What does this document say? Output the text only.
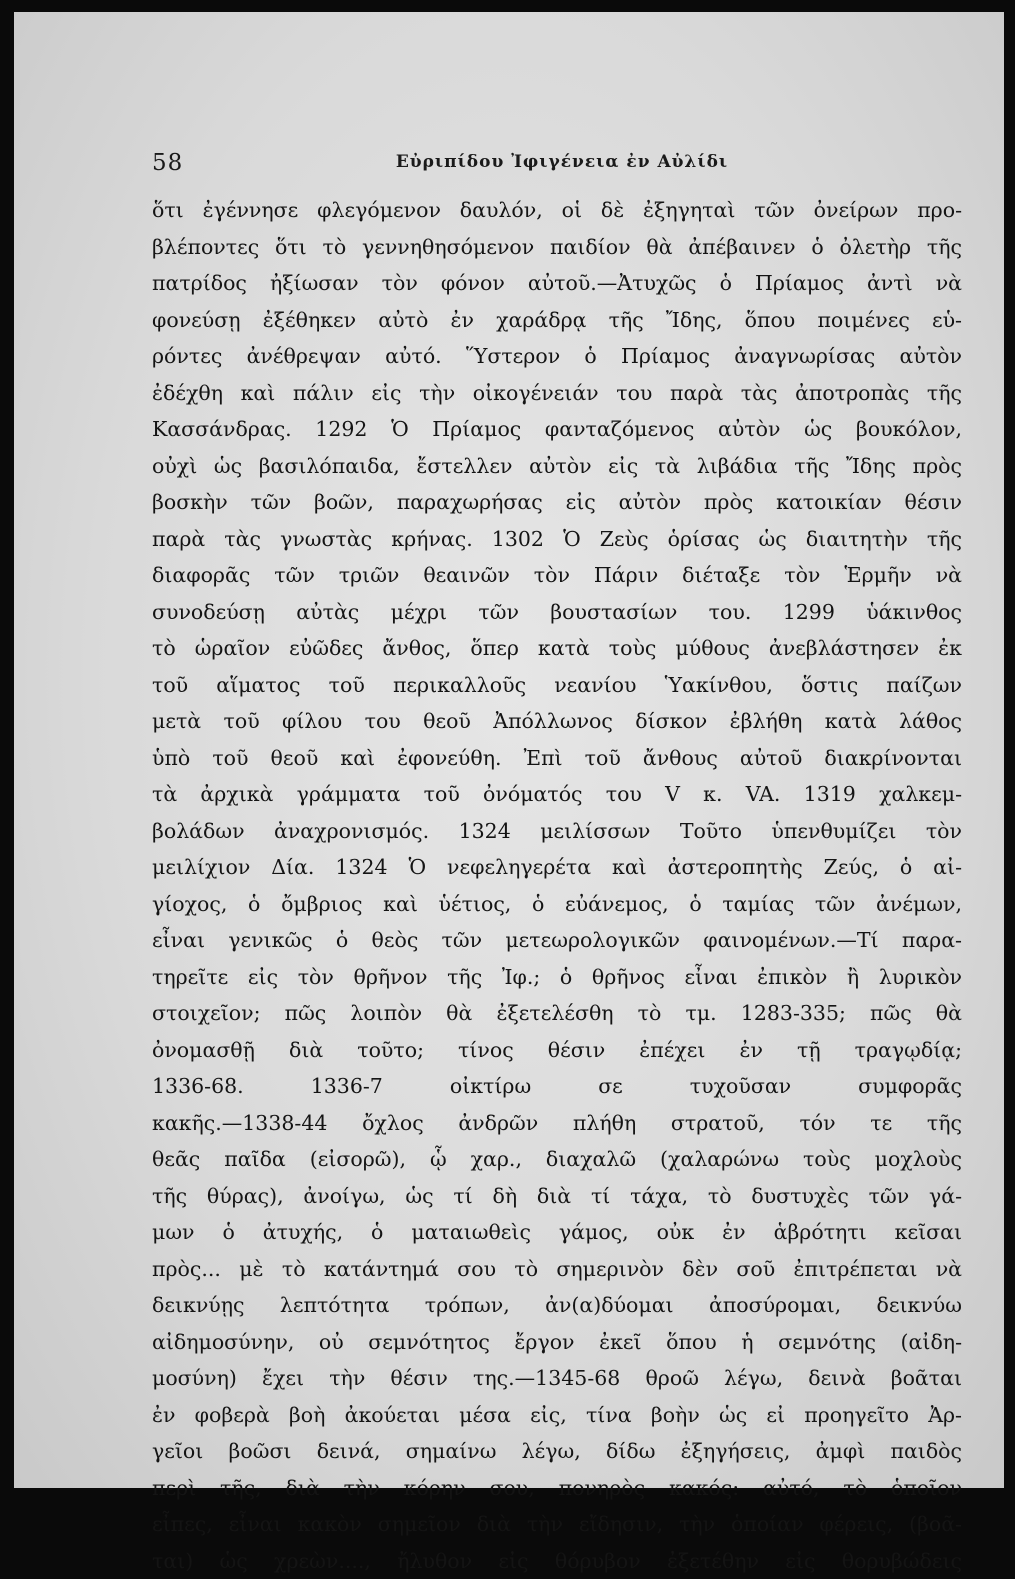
58	Εὐριπίδου Ἰφιγένεια ἐν Αὐλίδι
ὅτι ἐγέννησε φλεγόμενον δαυλόν, οἱ δὲ ἐξηγηταὶ τῶν ὀνείρων προ-
βλέποντες ὅτι τὸ γεννηθησόμενον παιδίον θὰ ἀπέβαινεν ὁ ὀλετὴρ τῆς
πατρίδος ἠξίωσαν τὸν φόνον αὐτοῦ.—Ἀτυχῶς ὁ Πρίαμος ἀντὶ νὰ
φονεύσῃ ἐξέθηκεν αὐτὸ ἐν χαράδρᾳ τῆς Ἴδης, ὅπου ποιμένες εὑ-
ρόντες ἀνέθρεψαν αὐτό. Ὕστερον ὁ Πρίαμος ἀναγνωρίσας αὐτὸν
ἐδέχθη καὶ πάλιν εἰς τὴν οἰκογένειάν του παρὰ τὰς ἀποτροπὰς τῆς
Κασσάνδρας. 1292 Ὁ Πρίαμος φανταζόμενος αὐτὸν ὡς βουκόλον,
οὐχὶ ὡς βασιλόπαιδα, ἔστελλεν αὐτὸν εἰς τὰ λιβάδια τῆς Ἴδης πρὸς
βοσκὴν τῶν βοῶν, παραχωρήσας εἰς αὐτὸν πρὸς κατοικίαν θέσιν
παρὰ τὰς γνωστὰς κρήνας. 1302 Ὁ Ζεὺς ὁρίσας ὡς διαιτητὴν τῆς
διαφορᾶς τῶν τριῶν θεαινῶν τὸν Πάριν διέταξε τὸν Ἑρμῆν νὰ
συνοδεύσῃ αὐτὰς μέχρι τῶν βουστασίων του. 1299 ὑάκινθος
τὸ ὡραῖον εὐῶδες ἄνθος, ὅπερ κατὰ τοὺς μύθους ἀνεβλάστησεν ἐκ
τοῦ αἵματος τοῦ περικαλλοῦς νεανίου Ὑακίνθου, ὅστις παίζων
μετὰ τοῦ φίλου του θεοῦ Ἀπόλλωνος δίσκον ἐβλήθη κατὰ λάθος
ὑπὸ τοῦ θεοῦ καὶ ἐφονεύθη. Ἐπὶ τοῦ ἄνθους αὐτοῦ διακρίνονται
τὰ ἀρχικὰ γράμματα τοῦ ὀνόματός του V κ. VA. 1319 χαλκεμ-
βολάδων ἀναχρονισμός. 1324 μειλίσσων Τοῦτο ὑπενθυμίζει τὸν
μειλίχιον Δία. 1324 Ὁ νεφεληγερέτα καὶ ἀστεροπητὴς Ζεύς, ὁ αἰ-
γίοχος, ὁ ὄμβριος καὶ ὑέτιος, ὁ εὐάνεμος, ὁ ταμίας τῶν ἀνέμων,
εἶναι γενικῶς ὁ θεὸς τῶν μετεωρολογικῶν φαινομένων.—Τί παρα-
τηρεῖτε εἰς τὸν θρῆνον τῆς Ἰφ.; ὁ θρῆνος εἶναι ἐπικὸν ἢ λυρικὸν
στοιχεῖον; πῶς λοιπὸν θὰ ἐξετελέσθη τὸ τμ. 1283-335; πῶς θὰ
ὀνομασθῇ διὰ τοῦτο; τίνος θέσιν ἐπέχει ἐν τῇ τραγῳδίᾳ;
1336-68. 1336-7 οἰκτίρω σε τυχοῦσαν συμφορᾶς
κακῆς.—1338-44 ὄχλος ἀνδρῶν πλήθη στρατοῦ, τόν τε τῆς
θεᾶς παῖδα (εἰσορῶ), ᾧ χαρ., διαχαλῶ (χαλαρώνω τοὺς μοχλοὺς
τῆς θύρας), ἀνοίγω, ὡς τί δὴ διὰ τί τάχα, τὸ δυστυχὲς τῶν γά-
μων ὁ ἀτυχής, ὁ ματαιωθεὶς γάμος, οὐκ ἐν ἁβρότητι κεῖσαι
πρὸς... μὲ τὸ κατάντημά σου τὸ σημερινὸν δὲν σοῦ ἐπιτρέπεται νὰ
δεικνύῃς λεπτότητα τρόπων, ἀν(α)δύομαι ἀποσύρομαι, δεικνύω
αἰδημοσύνην, οὐ σεμνότητος ἔργον ἐκεῖ ὅπου ἡ σεμνότης (αἰδη-
μοσύνη) ἔχει τὴν θέσιν της.—1345-68 θροῶ λέγω, δεινὰ βοᾶται
ἐν φοβερὰ βοὴ ἀκούεται μέσα εἰς, τίνα βοὴν ὡς εἰ προηγεῖτο Ἀρ-
γεῖοι βοῶσι δεινά, σημαίνω λέγω, δίδω ἐξηγήσεις, ἀμφὶ παιδὸς
περὶ τῆς, διὰ τὴν κόρην σου, πονηρὸς κακός: αὐτό, τὸ ὁποῖον
εἶπες, εἶναι κακὸν σημεῖον διὰ τὴν εἴδησιν, τὴν ὁποίαν φέρεις, (βοᾶ-
ται) ὡς χρεὼν...., ἤλυθον εἰς θόρυβον ἐξετέθην εἰς θορυβώδεις
